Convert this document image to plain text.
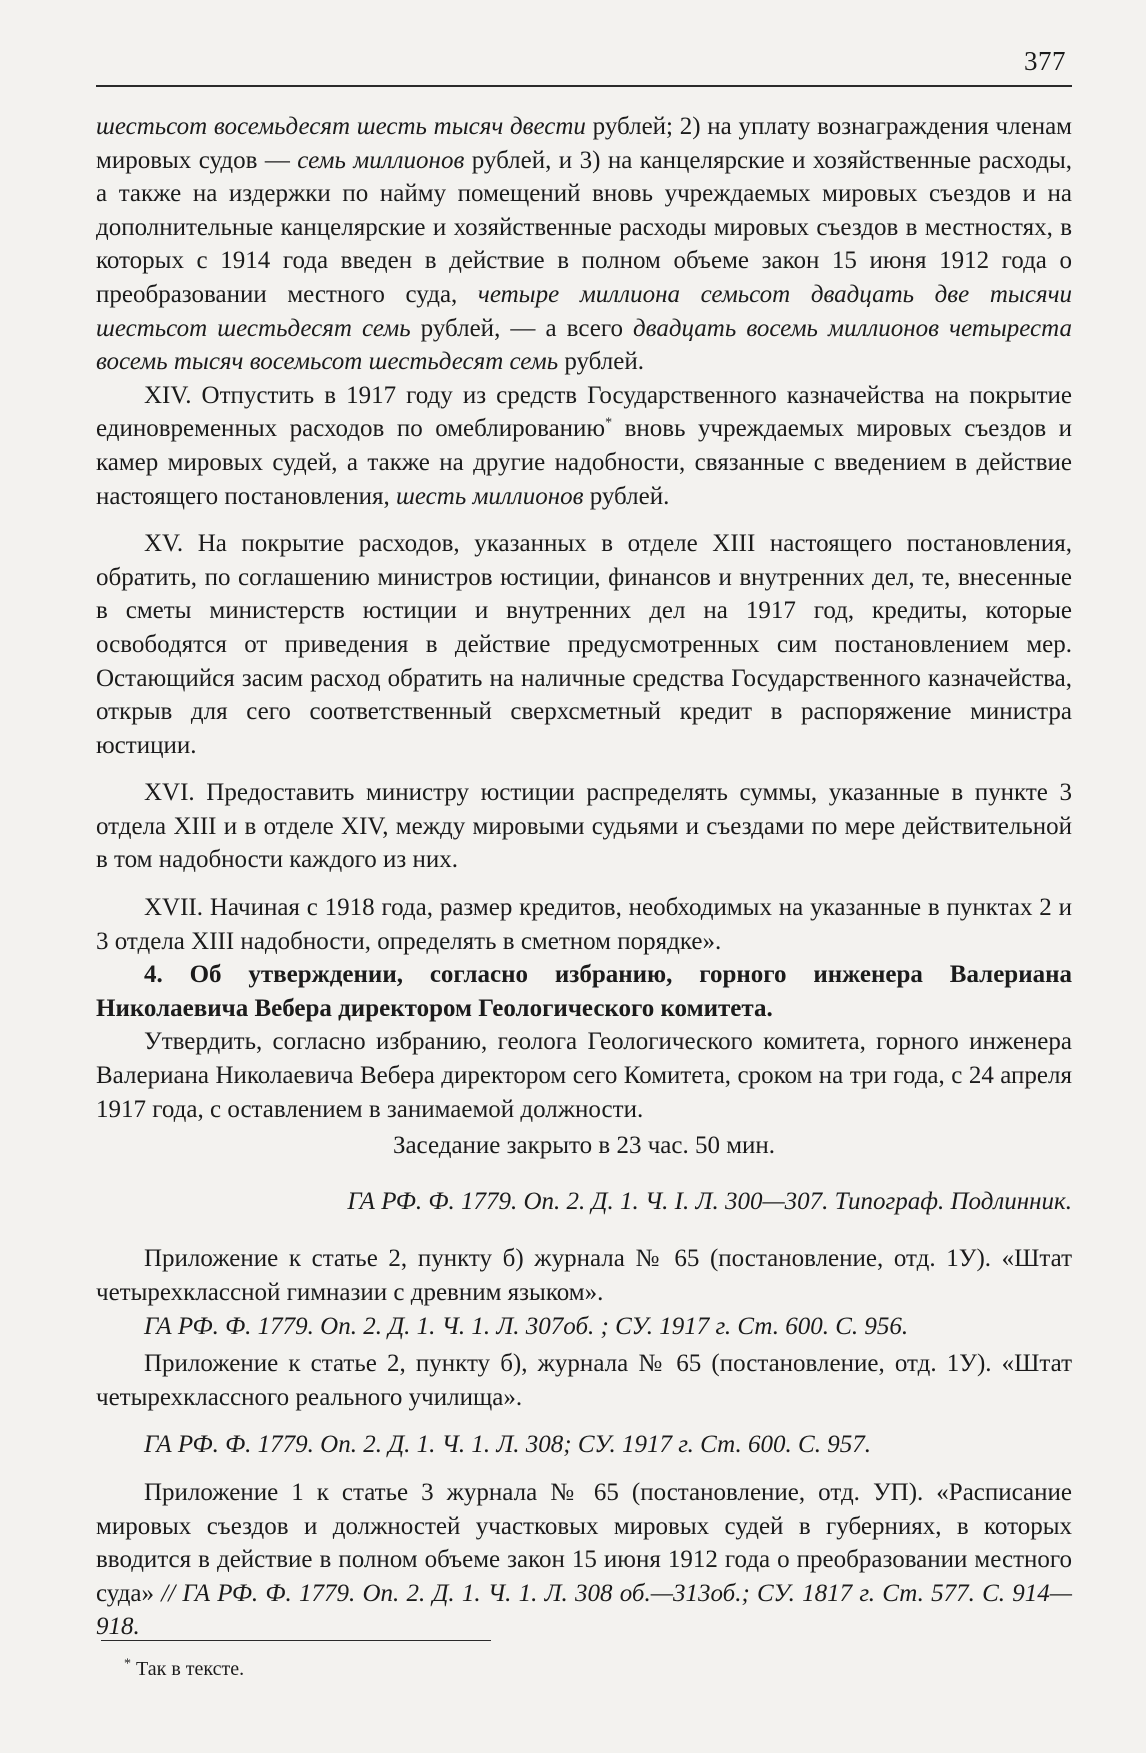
377

шестьсот восемьдесят шесть тысяч двести рублей; 2) на уплату вознаграждения членам мировых судов — семь миллионов рублей, и 3) на канцелярские и хозяйственные расходы, а также на издержки по найму помещений вновь учреждаемых мировых съездов и на дополнительные канцелярские и хозяйственные расходы мировых съездов в местностях, в которых с 1914 года введен в действие в полном объеме закон 15 июня 1912 года о преобразовании местного суда, четыре миллиона семьсот двадцать две тысячи шестьсот шестьдесят семь рублей, — а всего двадцать восемь миллионов четыреста восемь тысяч восемьсот шестьдесят семь рублей.

XIV. Отпустить в 1917 году из средств Государственного казначейства на покрытие единовременных расходов по омеблированию* вновь учреждаемых мировых съездов и камер мировых судей, а также на другие надобности, связанные с введением в действие настоящего постановления, шесть миллионов рублей.

XV. На покрытие расходов, указанных в отделе XIII настоящего постановления, обратить, по соглашению министров юстиции, финансов и внутренних дел, те, внесенные в сметы министерств юстиции и внутренних дел на 1917 год, кредиты, которые освободятся от приведения в действие предусмотренных сим постановлением мер. Остающийся засим расход обратить на наличные средства Государственного казначейства, открыв для сего соответственный сверхсметный кредит в распоряжение министра юстиции.

XVI. Предоставить министру юстиции распределять суммы, указанные в пункте 3 отдела XIII и в отделе XIV, между мировыми судьями и съездами по мере действительной в том надобности каждого из них.

XVII. Начиная с 1918 года, размер кредитов, необходимых на указанные в пунктах 2 и 3 отдела XIII надобности, определять в сметном порядке».

4. Об утверждении, согласно избранию, горного инженера Валериана Николаевича Вебера директором Геологического комитета.

Утвердить, согласно избранию, геолога Геологического комитета, горного инженера Валериана Николаевича Вебера директором сего Комитета, сроком на три года, с 24 апреля 1917 года, с оставлением в занимаемой должности.

Заседание закрыто в 23 час. 50 мин.

ГА РФ. Ф. 1779. Оп. 2. Д. 1. Ч. I. Л. 300—307. Типограф. Подлинник.

Приложение к статье 2, пункту б) журнала № 65 (постановление, отд. 1У). «Штат четырехклассной гимназии с древним языком».

ГА РФ. Ф. 1779. Оп. 2. Д. 1. Ч. 1. Л. 307об. ; СУ. 1917 г. Ст. 600. С. 956.

Приложение к статье 2, пункту б), журнала № 65 (постановление, отд. 1У). «Штат четырехклассного реального училища».

ГА РФ. Ф. 1779. Оп. 2. Д. 1. Ч. 1. Л. 308; СУ. 1917 г. Ст. 600. С. 957.

Приложение 1 к статье 3 журнала № 65 (постановление, отд. УП). «Расписание мировых съездов и должностей участковых мировых судей в губерниях, в которых вводится в действие в полном объеме закон 15 июня 1912 года о преобразовании местного суда» // ГА РФ. Ф. 1779. Оп. 2. Д. 1. Ч. 1. Л. 308 об.—313об.; СУ. 1817 г. Ст. 577. С. 914—918.

* Так в тексте.
